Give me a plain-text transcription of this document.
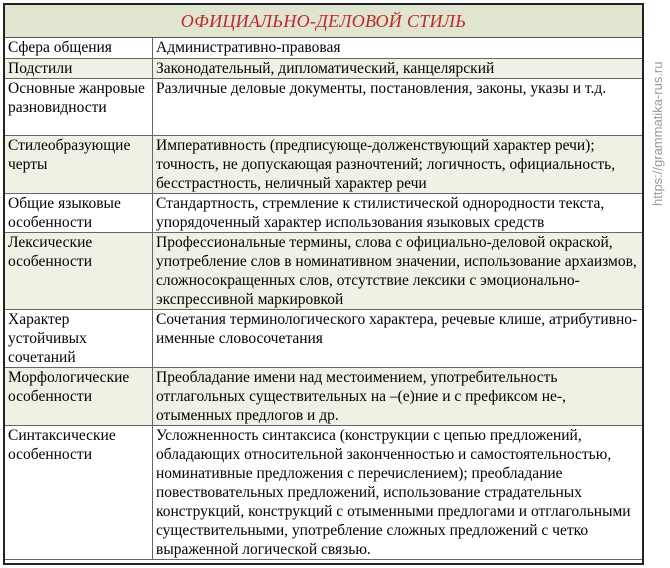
ОФИЦИАЛЬНО-ДЕЛОВОЙ СТИЛЬ
Сфера общения	Административно-правовая
Подстили	Законодательный, дипломатический, канцелярский
Основные жанровые разновидности	Различные деловые документы, постановления, законы, указы и т.д.
Стилеобразующие черты	Императивность (предписующе-долженствующий характер речи); точность, не допускающая разночтений; логичность, официальность, бесстрастность, неличный характер речи
Общие языковые особенности	Стандартность, стремление к стилистической однородности текста, упорядоченный характер использования языковых средств
Лексические особенности	Профессиональные термины, слова с официально-деловой окраской, употребление слов в номинативном значении, использование архаизмов, сложносокращенных слов, отсутствие лексики с эмоционально-экспрессивной маркировкой
Характер устойчивых сочетаний	Сочетания терминологического характера, речевые клише, атрибутивно-именные словосочетания
Морфологические особенности	Преобладание имени над местоимением, употребительность отглагольных существительных на –(е)ние и с префиксом не-, отыменных предлогов и др.
Синтаксические особенности	Усложненность синтаксиса (конструкции с цепью предложений, обладающих относительной законченностью и самостоятельностью, номинативные предложения с перечислением); преобладание повествовательных предложений, использование страдательных конструкций, конструкций с отыменными предлогами и отглагольными существительными, употребление сложных предложений с четко выраженной логической связью.
https://grammatika-rus.ru
